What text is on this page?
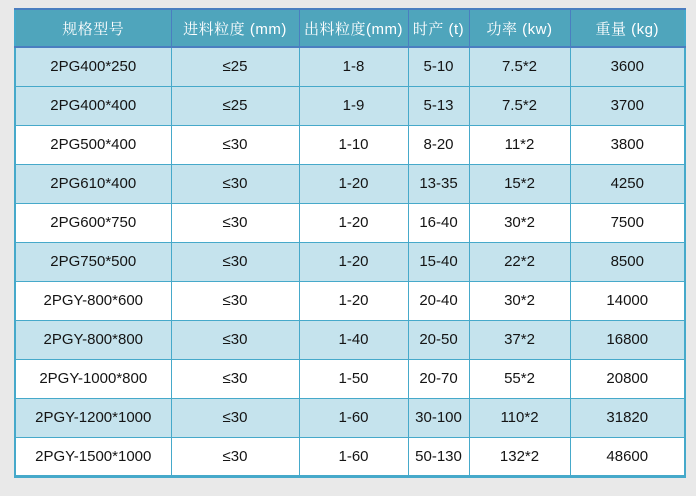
规格型号	进料粒度 (mm)	出料粒度(mm)	时产 (t)	功率 (kw)	重量 (kg)
2PG400*250	≤25	1-8	5-10	7.5*2	3600
2PG400*400	≤25	1-9	5-13	7.5*2	3700
2PG500*400	≤30	1-10	8-20	11*2	3800
2PG610*400	≤30	1-20	13-35	15*2	4250
2PG600*750	≤30	1-20	16-40	30*2	7500
2PG750*500	≤30	1-20	15-40	22*2	8500
2PGY-800*600	≤30	1-20	20-40	30*2	14000
2PGY-800*800	≤30	1-40	20-50	37*2	16800
2PGY-1000*800	≤30	1-50	20-70	55*2	20800
2PGY-1200*1000	≤30	1-60	30-100	110*2	31820
2PGY-1500*1000	≤30	1-60	50-130	132*2	48600
